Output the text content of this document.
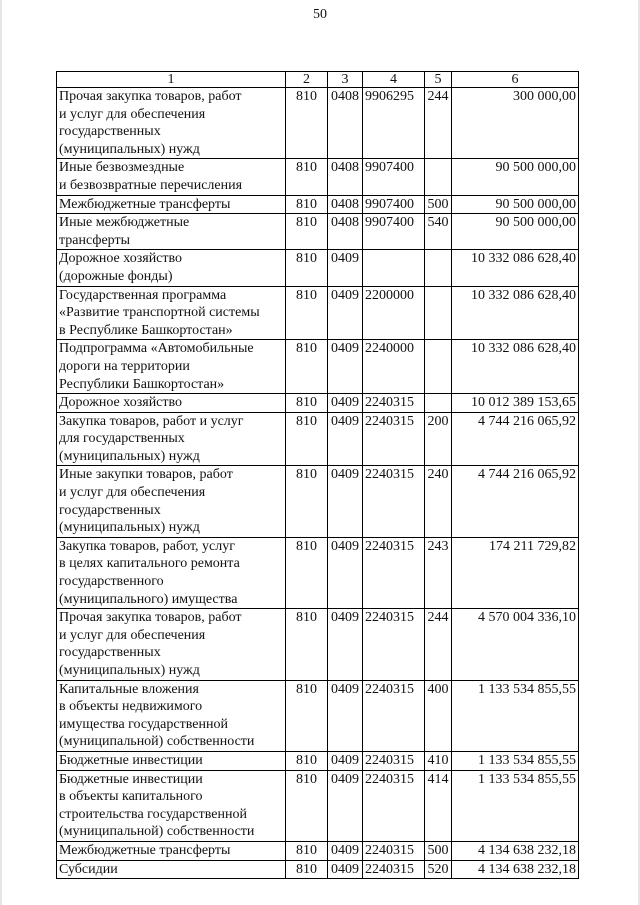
50
1	2	3	4	5	6
Прочая закупка товаров, работ
и услуг для обеспечения
государственных
(муниципальных) нужд	810	0408	9906295	244	300 000,00
Иные безвозмездные
и безвозвратные перечисления	810	0408	9907400		90 500 000,00
Межбюджетные трансферты	810	0408	9907400	500	90 500 000,00
Иные межбюджетные
трансферты	810	0408	9907400	540	90 500 000,00
Дорожное хозяйство
(дорожные фонды)	810	0409			10 332 086 628,40
Государственная программа
«Развитие транспортной системы
в Республике Башкортостан»	810	0409	2200000		10 332 086 628,40
Подпрограмма «Автомобильные
дороги на территории
Республики Башкортостан»	810	0409	2240000		10 332 086 628,40
Дорожное хозяйство	810	0409	2240315		10 012 389 153,65
Закупка товаров, работ и услуг
для государственных
(муниципальных) нужд	810	0409	2240315	200	4 744 216 065,92
Иные закупки товаров, работ
и услуг для обеспечения
государственных
(муниципальных) нужд	810	0409	2240315	240	4 744 216 065,92
Закупка товаров, работ, услуг
в целях капитального ремонта
государственного
(муниципального) имущества	810	0409	2240315	243	174 211 729,82
Прочая закупка товаров, работ
и услуг для обеспечения
государственных
(муниципальных) нужд	810	0409	2240315	244	4 570 004 336,10
Капитальные вложения
в объекты недвижимого
имущества государственной
(муниципальной) собственности	810	0409	2240315	400	1 133 534 855,55
Бюджетные инвестиции	810	0409	2240315	410	1 133 534 855,55
Бюджетные инвестиции
в объекты капитального
строительства государственной
(муниципальной) собственности	810	0409	2240315	414	1 133 534 855,55
Межбюджетные трансферты	810	0409	2240315	500	4 134 638 232,18
Субсидии	810	0409	2240315	520	4 134 638 232,18
